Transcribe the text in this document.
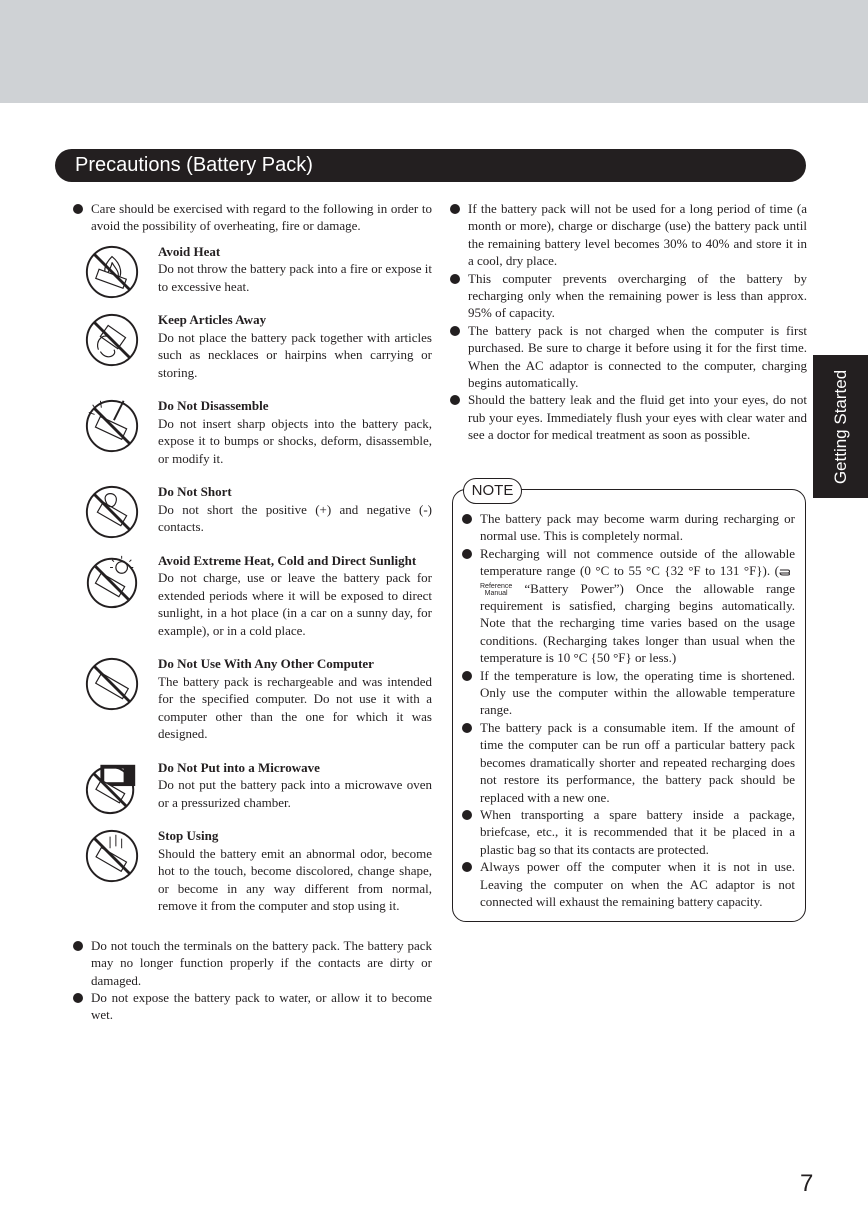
Precautions (Battery Pack)
Getting Started
Care should be exercised with regard to the following in order to avoid the possibility of overheating, fire or damage.
Avoid Heat

Do not throw the battery pack into a fire or expose it to excessive heat.

Keep Articles Away

Do not place the battery pack together with articles such as necklaces or hairpins when carrying or storing.

Do Not Disassemble

Do not insert sharp objects into the battery pack, expose it to bumps or shocks, deform, disassemble, or modify it.

Do Not Short

Do not short the positive (+) and negative (-) contacts.

Avoid Extreme Heat, Cold and Direct Sunlight

Do not charge, use or leave the battery pack for extended periods where it will be exposed to direct sunlight, in a hot place (in a car on a sunny day, for example), or in a cold place.

Do Not Use With Any Other Computer

The battery pack is rechargeable and was intended for the specified computer. Do not use it with a computer other than the one for which it was designed.

Do Not Put into a Microwave

Do not put the battery pack into a microwave oven or a pressurized chamber.

Stop Using

Should the battery emit an abnormal odor, become hot to the touch, become discolored, change shape, or become in any way different from normal, remove it from the computer and stop using it.

Do not touch the terminals on the battery pack. The battery pack may no longer function properly if the contacts are dirty or damaged.
Do not expose the battery pack to water, or allow it to become wet.
If the battery pack will not be used for a long period of time (a month or more), charge or discharge (use) the battery pack until the remaining battery level becomes 30% to 40% and store it in a cool, dry place.
This computer prevents overcharging of the battery by recharging only when the remaining power is less than approx. 95% of capacity.
The battery pack is not charged when the computer is first purchased. Be sure to charge it before using it for the first time. When the AC adaptor is connected to the computer, charging begins automatically.
Should the battery leak and the fluid get into your eyes, do not rub your eyes. Immediately flush your eyes with clear water and see a doctor for medical treatment as soon as possible.
NOTE
The battery pack may become warm during recharging or normal use. This is completely normal.
Recharging will not commence outside of the allowable temperature range (0 °C to 55 °C {32 °F to 131 °F}). (Reference
Manual “Battery Power”) Once the allowable range requirement is satisfied, charging begins automatically. Note that the recharging time varies based on the usage conditions. (Recharging takes longer than usual when the temperature is 10 °C {50 °F} or less.)
If the temperature is low, the operating time is shortened. Only use the computer within the allowable temperature range.
The battery pack is a consumable item. If the amount of time the computer can be run off a particular battery pack becomes dramatically shorter and repeated recharging does not restore its performance, the battery pack should be replaced with a new one.
When transporting a spare battery inside a package, briefcase, etc., it is recommended that it be placed in a plastic bag so that its contacts are protected.
Always power off the computer when it is not in use. Leaving the computer on when the AC adaptor is not connected will exhaust the remaining battery capacity.
7
